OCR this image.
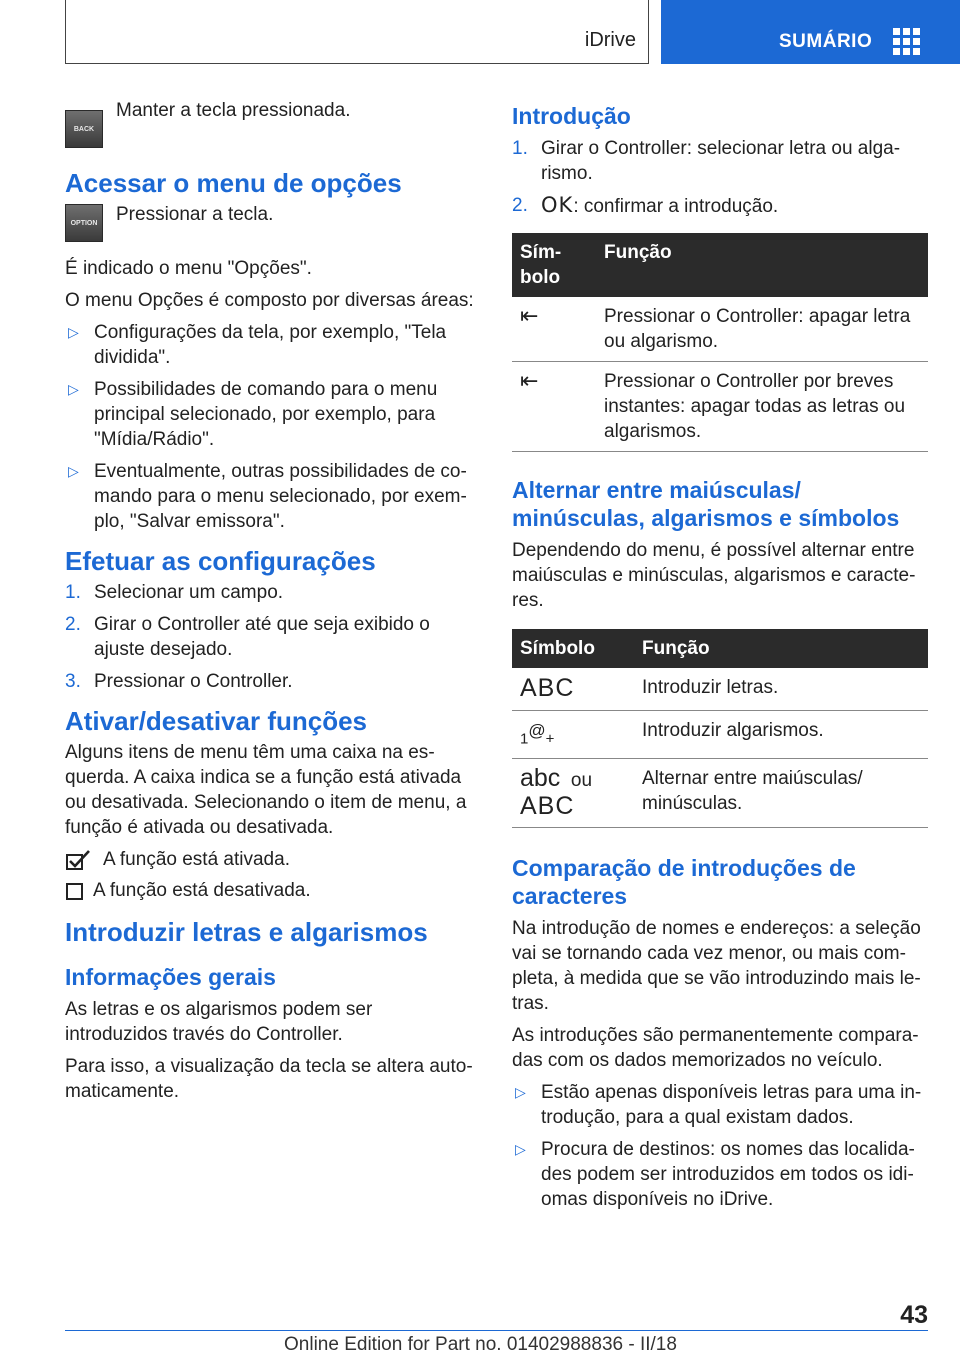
iDrive	SUMÁRIO
BACK
Manter a tecla pressionada.
Acessar o menu de opções
OPTION Pressionar a tecla.

É indicado o menu "Opções".

O menu Opções é composto por diversas áreas:

▷ Configurações da tela, por exemplo, "Tela dividida".
▷ Possibilidades de comando para o menu principal selecionado, por exemplo, para "Mídia/Rádio".
▷ Eventualmente, outras possibilidades de comando para o menu selecionado, por exemplo, "Salvar emissora".
Efetuar as configurações
1. Selecionar um campo.
2. Girar o Controller até que seja exibido o ajuste desejado.
3. Pressionar o Controller.
Ativar/desativar funções

Alguns itens de menu têm uma caixa na esquerda. A caixa indica se a função está ativada ou desativada. Selecionando o item de menu, a função é ativada ou desativada.

A função está ativada.
A função está desativada.
Introduzir letras e algarismos
Informações gerais

As letras e os algarismos podem ser introduzidos través do Controller.

Para isso, a visualização da tecla se altera automaticamente.

Introdução
1. Girar o Controller: selecionar letra ou algarismo.
2. OK: confirmar a introdução.
Símbolo	Função
⇤	Pressionar o Controller: apagar letra ou algarismo.
⇤	Pressionar o Controller por breves instantes: apagar todas as letras ou algarismos.
Alternar entre maiúsculas/ minúsculas, algarismos e símbolos

Dependendo do menu, é possível alternar entre maiúsculas e minúsculas, algarismos e caracteres.

Símbolo	Função
ABC	Introduzir letras.
1@+	Introduzir algarismos.

abc ou
ABC	Alternar entre maiúsculas/ minúsculas.
Comparação de introduções de caracteres

Na introdução de nomes e endereços: a seleção vai se tornando cada vez menor, ou mais completa, à medida que se vão introduzindo mais letras.

As introduções são permanentemente comparadas com os dados memorizados no veículo.

▷ Estão apenas disponíveis letras para uma introdução, para a qual existam dados.
▷ Procura de destinos: os nomes das localidades podem ser introduzidos em todos os idiomas disponíveis no iDrive.
43
Online Edition for Part no. 01402988836 - II/18
